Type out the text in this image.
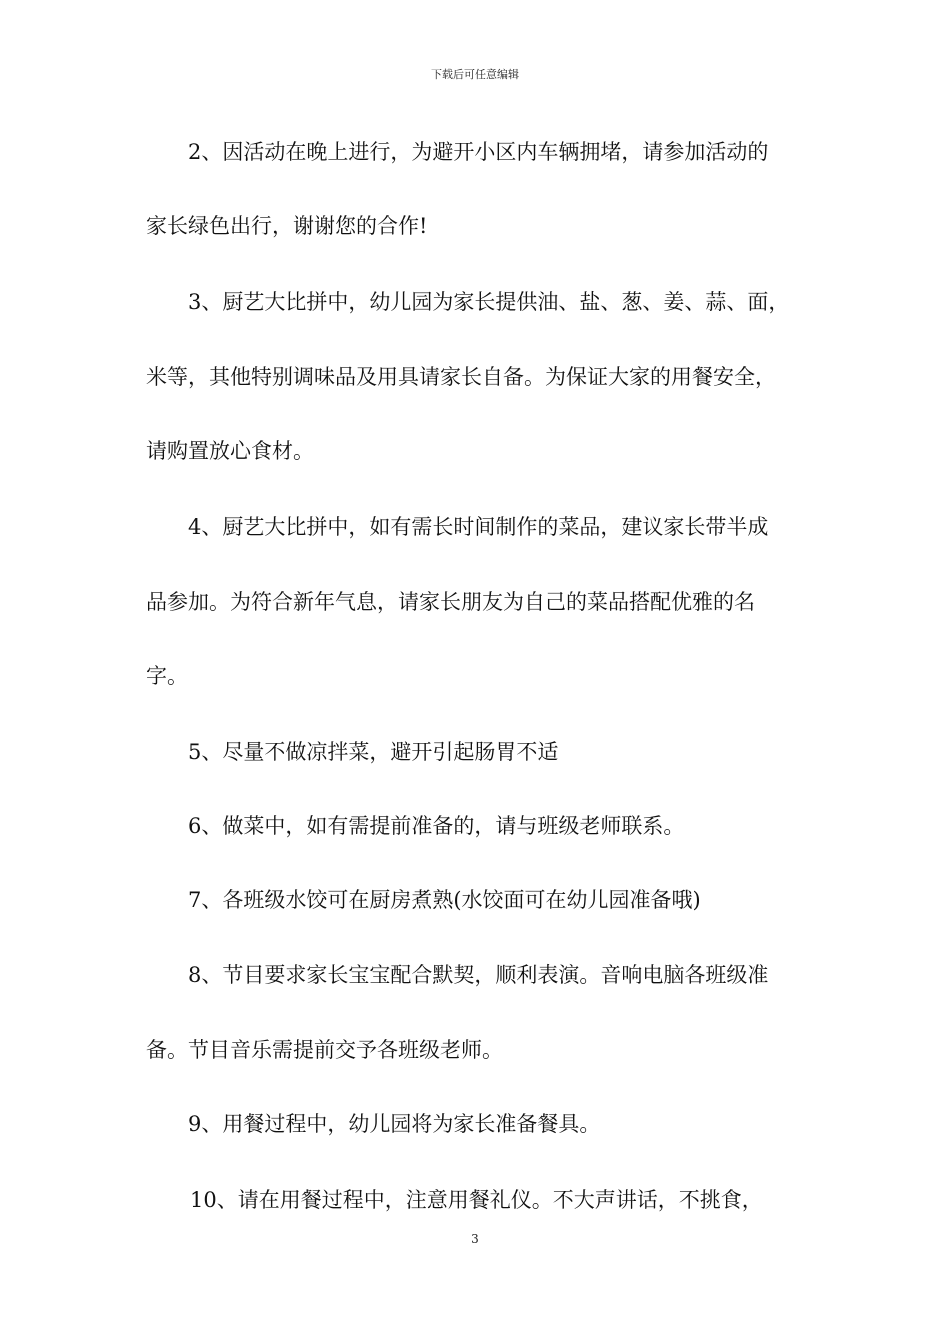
下载后可任意编辑
2、因活动在晚上进行，为避开小区内车辆拥堵，请参加活动的
家长绿色出行，谢谢您的合作!
3、厨艺大比拼中，幼儿园为家长提供油、盐、葱、姜、蒜、面，
米等，其他特别调味品及用具请家长自备。为保证大家的用餐安全，
请购置放心食材。
4、厨艺大比拼中，如有需长时间制作的菜品，建议家长带半成
品参加。为符合新年气息，请家长朋友为自己的菜品搭配优雅的名
字。
5、尽量不做凉拌菜，避开引起肠胃不适
6、做菜中，如有需提前准备的，请与班级老师联系。
7、各班级水饺可在厨房煮熟(水饺面可在幼儿园准备哦)
8、节目要求家长宝宝配合默契，顺利表演。音响电脑各班级准
备。节目音乐需提前交予各班级老师。
9、用餐过程中，幼儿园将为家长准备餐具。
10、请在用餐过程中，注意用餐礼仪。不大声讲话，不挑食，
3
